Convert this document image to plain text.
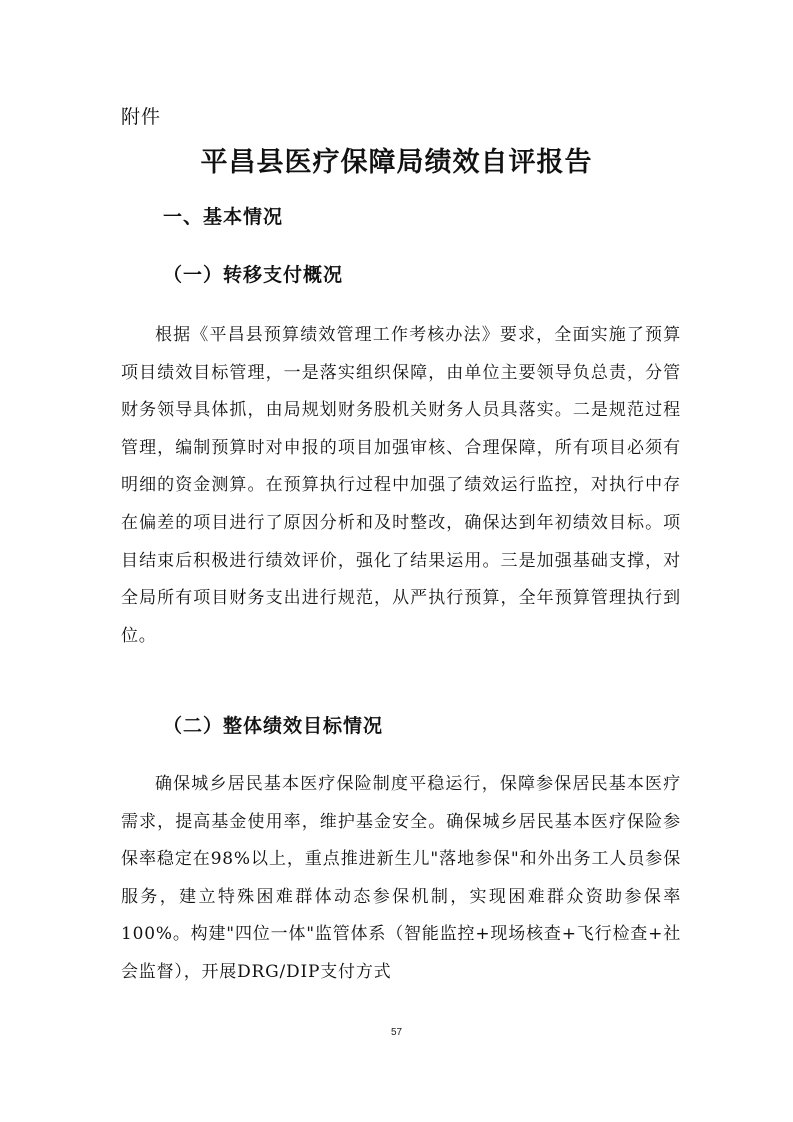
附件
平昌县医疗保障局绩效自评报告
一、基本情况
（一）转移支付概况

根据《平昌县预算绩效管理工作考核办法》要求，全面实施了预算项目绩效目标管理，一是落实组织保障，由单位主要领导负总责，分管财务领导具体抓，由局规划财务股机关财务人员具落实。二是规范过程管理，编制预算时对申报的项目加强审核、合理保障，所有项目必须有明细的资金测算。在预算执行过程中加强了绩效运行监控，对执行中存在偏差的项目进行了原因分析和及时整改，确保达到年初绩效目标。项目结束后积极进行绩效评价，强化了结果运用。三是加强基础支撑，对全局所有项目财务支出进行规范，从严执行预算，全年预算管理执行到位。

（二）整体绩效目标情况

确保城乡居民基本医疗保险制度平稳运行，保障参保居民基本医疗需求，提高基金使用率，维护基金安全。确保城乡居民基本医疗保险参保率稳定在98%以上，重点推进新生儿"落地参保"和外出务工人员参保服务，建立特殊困难群体动态参保机制，实现困难群众资助参保率100%。构建"四位一体"监管体系（智能监控+现场核查+飞行检查+社会监督），开展DRG/DIP支付方式

57
